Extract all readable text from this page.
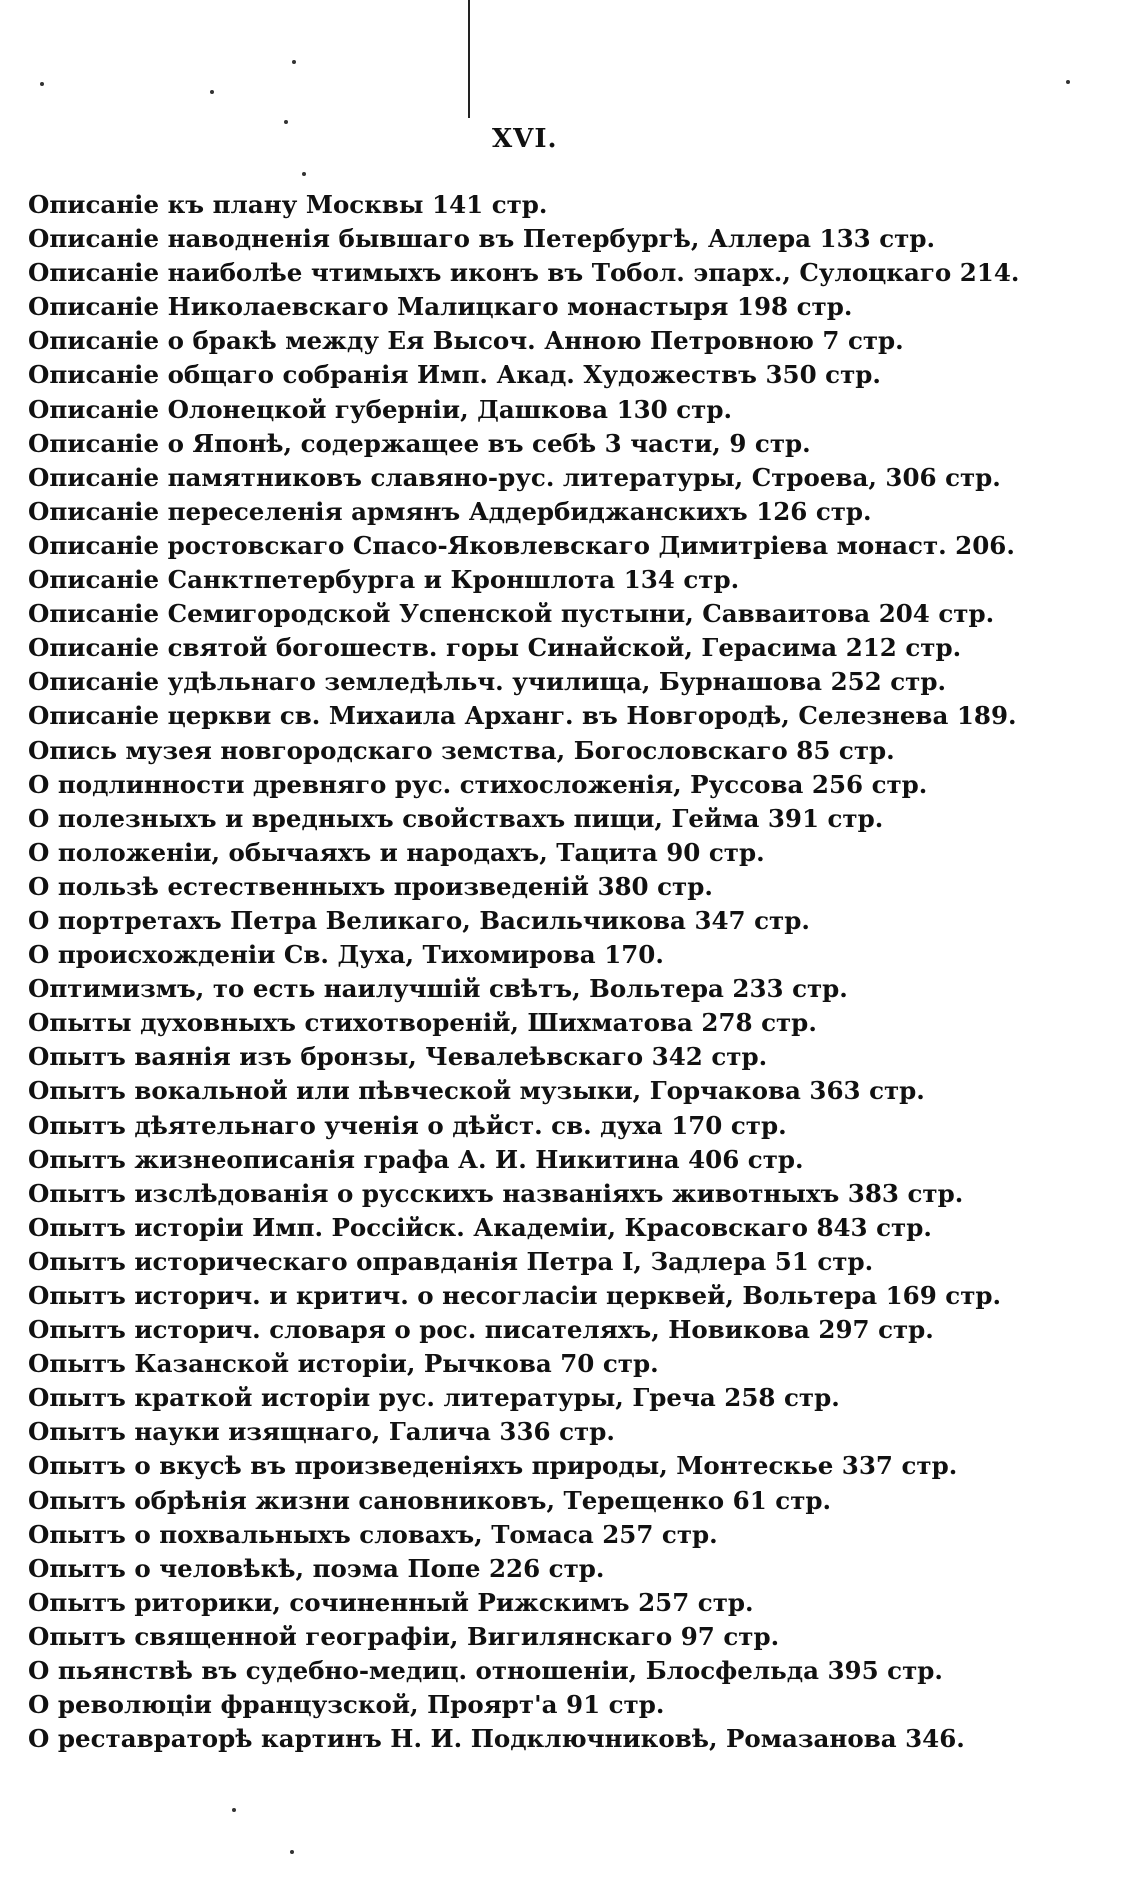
XVI.
Описаніе къ плану Москвы 141 стр.
Описаніе наводненія бывшаго въ Петербургѣ, Аллера 133 стр.
Описаніе наиболѣе чтимыхъ иконъ въ Тобол. эпарх., Сулоцкаго 214.
Описаніе Николаевскаго Малицкаго монастыря 198 стр.
Описаніе о бракѣ между Ея Высоч. Анною Петровною 7 стр.
Описаніе общаго собранія Имп. Акад. Художествъ 350 стр.
Описаніе Олонецкой губерніи, Дашкова 130 стр.
Описаніе о Японѣ, содержащее въ себѣ 3 части, 9 стр.
Описаніе памятниковъ славяно-рус. литературы, Строева, 306 стр.
Описаніе переселенія армянъ Аддербиджанскихъ 126 стр.
Описаніе ростовскаго Спасо-Яковлевскаго Димитріева монаст. 206.
Описаніе Санктпетербурга и Кроншлота 134 стр.
Описаніе Семигородской Успенской пустыни, Савваитова 204 стр.
Описаніе святой богошеств. горы Синайской, Герасима 212 стр.
Описаніе удѣльнаго земледѣльч. училища, Бурнашова 252 стр.
Описаніе церкви св. Михаила Арханг. въ Новгородѣ, Селезнева 189.
Опись музея новгородскаго земства, Богословскаго 85 стр.
О подлинности древняго рус. стихосложенія, Руссова 256 стр.
О полезныхъ и вредныхъ свойствахъ пищи, Гейма 391 стр.
О положеніи, обычаяхъ и народахъ, Тацита 90 стр.
О пользѣ естественныхъ произведеній 380 стр.
О портретахъ Петра Великаго, Васильчикова 347 стр.
О происхожденіи Св. Духа, Тихомирова 170.
Оптимизмъ, то есть наилучшій свѣтъ, Вольтера 233 стр.
Опыты духовныхъ стихотвореній, Шихматова 278 стр.
Опытъ ваянія изъ бронзы, Чевалеѣвскаго 342 стр.
Опытъ вокальной или пѣвческой музыки, Горчакова 363 стр.
Опытъ дѣятельнаго ученія о дѣйст. св. духа 170 стр.
Опытъ жизнеописанія графа А. И. Никитина 406 стр.
Опытъ изслѣдованія о русскихъ названіяхъ животныхъ 383 стр.
Опытъ исторіи Имп. Россійск. Академіи, Красовскаго 843 стр.
Опытъ историческаго оправданія Петра I, Задлера 51 стр.
Опытъ историч. и критич. о несогласіи церквей, Вольтера 169 стр.
Опытъ историч. словаря о рос. писателяхъ, Новикова 297 стр.
Опытъ Казанской исторіи, Рычкова 70 стр.
Опытъ краткой исторіи рус. литературы, Греча 258 стр.
Опытъ науки изящнаго, Галича 336 стр.
Опытъ о вкусѣ въ произведеніяхъ природы, Монтескье 337 стр.
Опытъ обрѣнія жизни сановниковъ, Терещенко 61 стр.
Опытъ о похвальныхъ словахъ, Томаса 257 стр.
Опытъ о человѣкѣ, поэма Попе 226 стр.
Опытъ риторики, сочиненный Рижскимъ 257 стр.
Опытъ священной географіи, Вигилянскаго 97 стр.
О пьянствѣ въ судебно-медиц. отношеніи, Блосфельда 395 стр.
О революціи французской, Проярт'а 91 стр.
О реставраторѣ картинъ Н. И. Подключниковѣ, Ромазанова 346.
